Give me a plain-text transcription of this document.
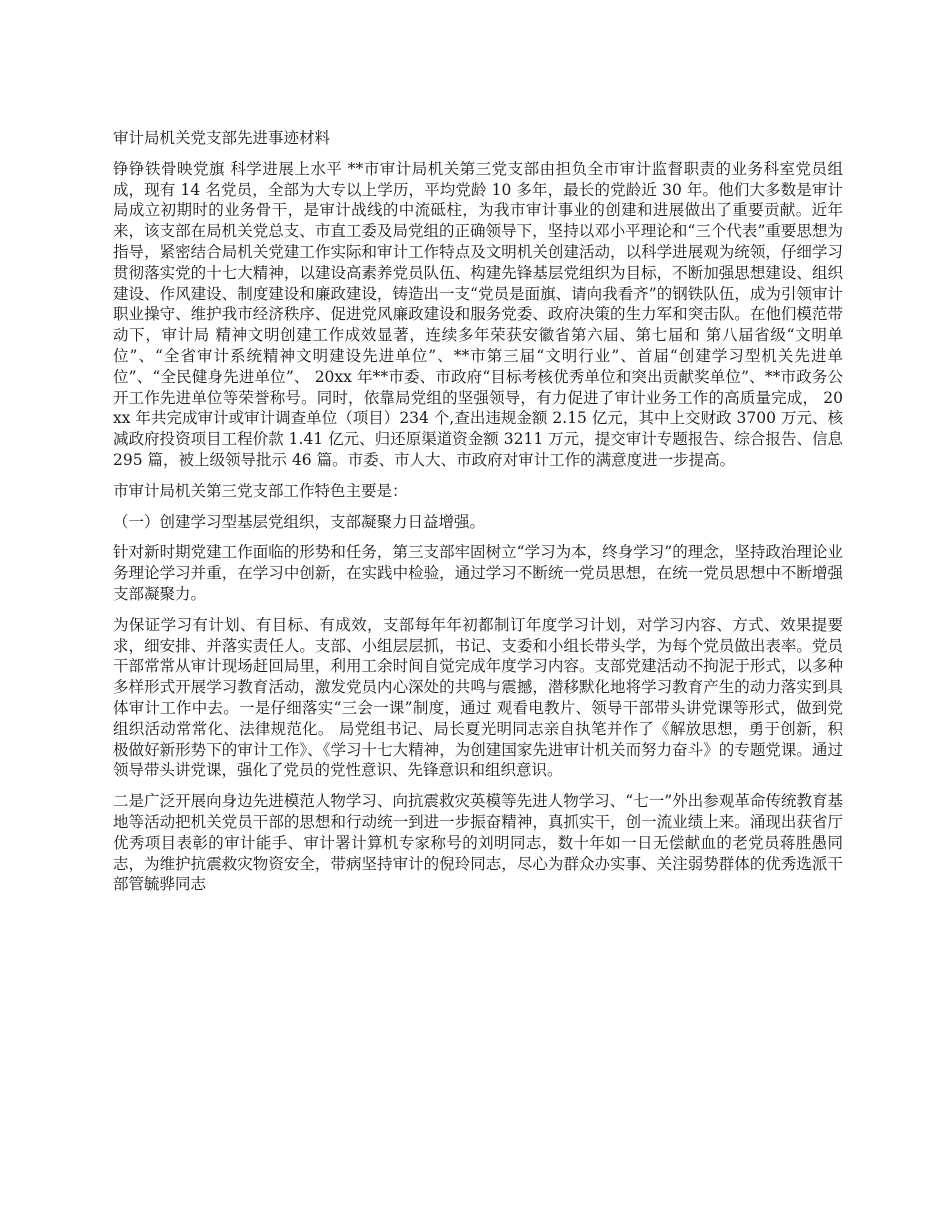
审计局机关党支部先进事迹材料

铮铮铁骨映党旗 科学进展上水平 **市审计局机关第三党支部由担负全市审计监督职责的业务科室党员组成，现有 14 名党员，全部为大专以上学历，平均党龄 10 多年，最长的党龄近 30 年。他们大多数是审计局成立初期时的业务骨干，是审计战线的中流砥柱，为我市审计事业的创建和进展做出了重要贡献。近年来，该支部在局机关党总支、市直工委及局党组的正确领导下，坚持以邓小平理论和“三个代表”重要思想为指导，紧密结合局机关党建工作实际和审计工作特点及文明机关创建活动，以科学进展观为统领，仔细学习贯彻落实党的十七大精神，以建设高素养党员队伍、构建先锋基层党组织为目标，不断加强思想建设、组织建设、作风建设、制度建设和廉政建设，铸造出一支“党员是面旗、请向我看齐”的钢铁队伍，成为引领审计职业操守、维护我市经济秩序、促进党风廉政建设和服务党委、政府决策的生力军和突击队。在他们模范带动下，审计局 精神文明创建工作成效显著，连续多年荣获安徽省第六届、第七届和 第八届省级“文明单位”、“全省审计系统精神文明建设先进单位”、**市第三届“文明行业”、首届“创建学习型机关先进单位”、“全民健身先进单位”、 20xx 年**市委、市政府“目标考核优秀单位和突出贡献奖单位”、**市政务公开工作先进单位等荣誉称号。同时，依靠局党组的坚强领导，有力促进了审计业务工作的高质量完成， 20xx 年共完成审计或审计调查单位（项目）234 个,查出违规金额 2.15 亿元，其中上交财政 3700 万元、核减政府投资项目工程价款 1.41 亿元、归还原渠道资金额 3211 万元，提交审计专题报告、综合报告、信息 295 篇，被上级领导批示 46 篇。市委、市人大、市政府对审计工作的满意度进一步提高。

市审计局机关第三党支部工作特色主要是：

（一）创建学习型基层党组织，支部凝聚力日益增强。

针对新时期党建工作面临的形势和任务，第三支部牢固树立“学习为本，终身学习”的理念，坚持政治理论业务理论学习并重，在学习中创新，在实践中检验，通过学习不断统一党员思想，在统一党员思想中不断增强支部凝聚力。

为保证学习有计划、有目标、有成效，支部每年年初都制订年度学习计划，对学习内容、方式、效果提要求，细安排、并落实责任人。支部、小组层层抓，书记、支委和小组长带头学，为每个党员做出表率。党员干部常常从审计现场赶回局里，利用工余时间自觉完成年度学习内容。支部党建活动不拘泥于形式，以多种多样形式开展学习教育活动，激发党员内心深处的共鸣与震撼，潜移默化地将学习教育产生的动力落实到具体审计工作中去。一是仔细落实“三会一课”制度，通过 观看电教片、领导干部带头讲党课等形式，做到党组织活动常常化、法律规范化。 局党组书记、局长夏光明同志亲自执笔并作了《解放思想，勇于创新，积极做好新形势下的审计工作》、《学习十七大精神，为创建国家先进审计机关而努力奋斗》的专题党课。通过领导带头讲党课，强化了党员的党性意识、先锋意识和组织意识。

二是广泛开展向身边先进模范人物学习、向抗震救灾英模等先进人物学习、“七一”外出参观革命传统教育基地等活动把机关党员干部的思想和行动统一到进一步振奋精神，真抓实干，创一流业绩上来。涌现出获省厅优秀项目表彰的审计能手、审计署计算机专家称号的刘明同志，数十年如一日无偿献血的老党员蒋胜愚同志，为维护抗震救灾物资安全，带病坚持审计的倪玲同志，尽心为群众办实事、关注弱势群体的优秀选派干部管毓骅同志
